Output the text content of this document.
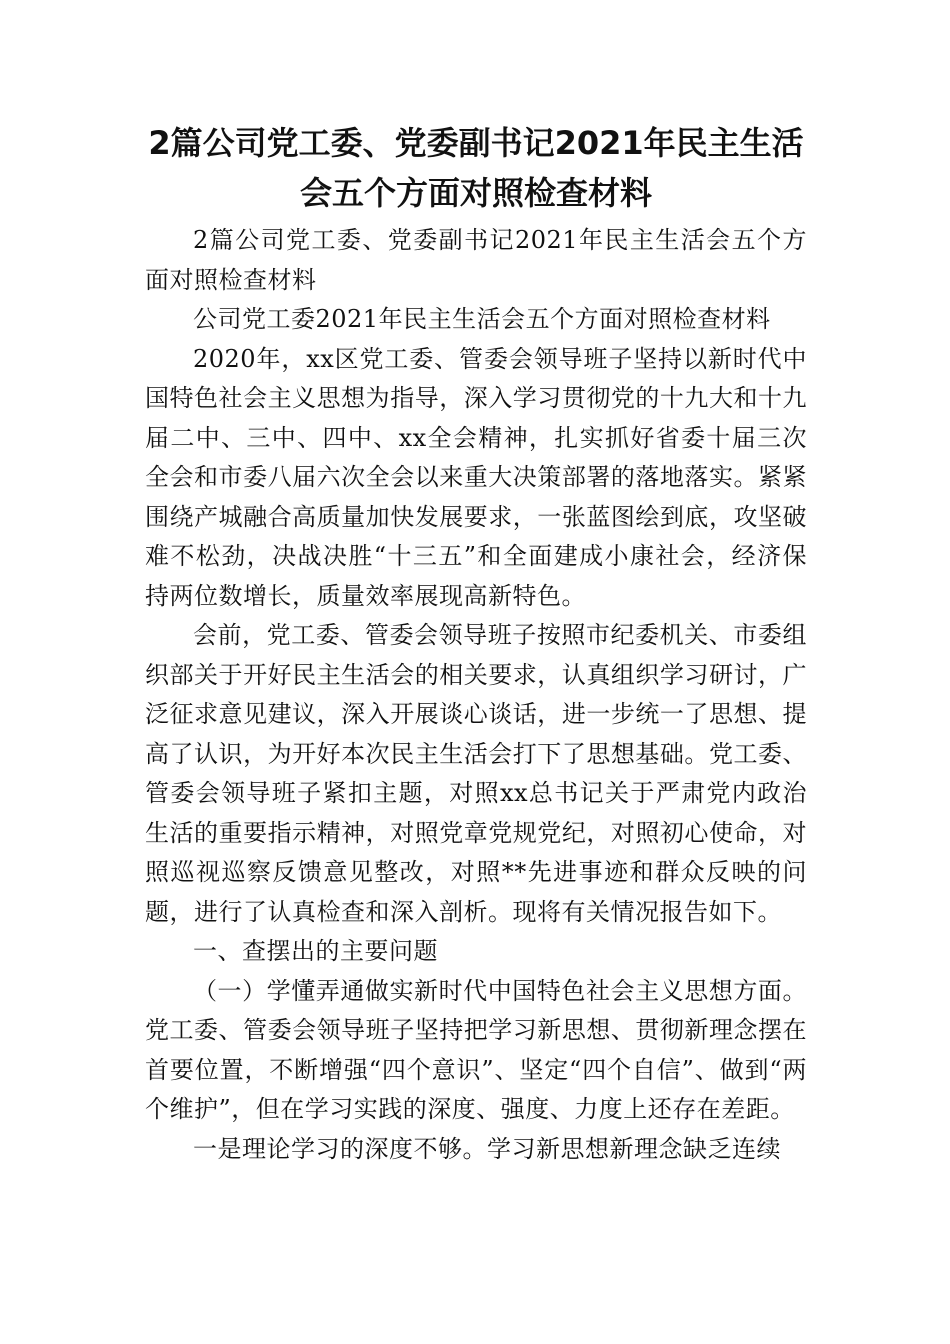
2篇公司党工委、党委副书记2021年民主生活会五个方面对照检查材料

2篇公司党工委、党委副书记2021年民主生活会五个方面对照检查材料

公司党工委2021年民主生活会五个方面对照检查材料

2020年，xx区党工委、管委会领导班子坚持以新时代中国特色社会主义思想为指导，深入学习贯彻党的十九大和十九届二中、三中、四中、xx全会精神，扎实抓好省委十届三次全会和市委八届六次全会以来重大决策部署的落地落实。紧紧围绕产城融合高质量加快发展要求，一张蓝图绘到底，攻坚破难不松劲，决战决胜“十三五”和全面建成小康社会，经济保持两位数增长，质量效率展现高新特色。

会前，党工委、管委会领导班子按照市纪委机关、市委组织部关于开好民主生活会的相关要求，认真组织学习研讨，广泛征求意见建议，深入开展谈心谈话，进一步统一了思想、提高了认识，为开好本次民主生活会打下了思想基础。党工委、管委会领导班子紧扣主题，对照xx总书记关于严肃党内政治生活的重要指示精神，对照党章党规党纪，对照初心使命，对照巡视巡察反馈意见整改，对照**先进事迹和群众反映的问题，进行了认真检查和深入剖析。现将有关情况报告如下。

一、查摆出的主要问题

（一）学懂弄通做实新时代中国特色社会主义思想方面。党工委、管委会领导班子坚持把学习新思想、贯彻新理念摆在首要位置，不断增强“四个意识”、坚定“四个自信”、做到“两个维护”，但在学习实践的深度、强度、力度上还存在差距。

一是理论学习的深度不够。学习新思想新理念缺乏连续
